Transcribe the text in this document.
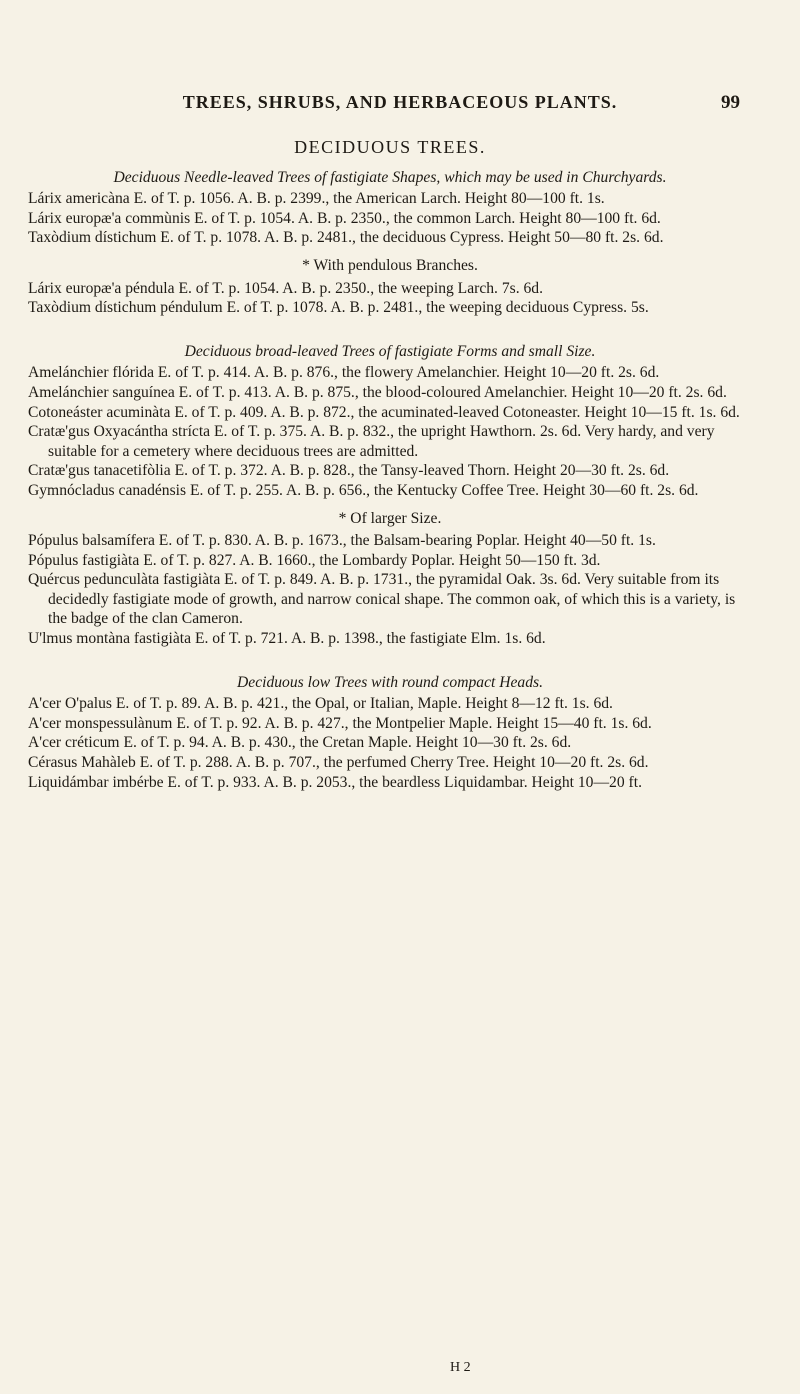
TREES, SHRUBS, AND HERBACEOUS PLANTS.	99
DECIDUOUS TREES.
Deciduous Needle-leaved Trees of fastigiate Shapes, which may be used in Churchyards.

Lárix americàna E. of T. p. 1056. A. B. p. 2399., the American Larch. Height 80—100 ft. 1s.

Lárix europæ'a commùnis E. of T. p. 1054. A. B. p. 2350., the common Larch. Height 80—100 ft. 6d.

Taxòdium dístichum E. of T. p. 1078. A. B. p. 2481., the deciduous Cypress. Height 50—80 ft. 2s. 6d.

* With pendulous Branches.

Lárix europæ'a péndula E. of T. p. 1054. A. B. p. 2350., the weeping Larch. 7s. 6d.

Taxòdium dístichum péndulum E. of T. p. 1078. A. B. p. 2481., the weeping deciduous Cypress. 5s.

Deciduous broad-leaved Trees of fastigiate Forms and small Size.

Amelánchier flórida E. of T. p. 414. A. B. p. 876., the flowery Amelanchier. Height 10—20 ft. 2s. 6d.

Amelánchier sanguínea E. of T. p. 413. A. B. p. 875., the blood-coloured Amelanchier. Height 10—20 ft. 2s. 6d.

Cotoneáster acuminàta E. of T. p. 409. A. B. p. 872., the acuminated-leaved Cotoneaster. Height 10—15 ft. 1s. 6d.

Cratæ'gus Oxyacántha strícta E. of T. p. 375. A. B. p. 832., the upright Hawthorn. 2s. 6d. Very hardy, and very suitable for a cemetery where deciduous trees are admitted.

Cratæ'gus tanacetifòlia E. of T. p. 372. A. B. p. 828., the Tansy-leaved Thorn. Height 20—30 ft. 2s. 6d.

Gymnócladus canadénsis E. of T. p. 255. A. B. p. 656., the Kentucky Coffee Tree. Height 30—60 ft. 2s. 6d.

* Of larger Size.

Pópulus balsamífera E. of T. p. 830. A. B. p. 1673., the Balsam-bearing Poplar. Height 40—50 ft. 1s.

Pópulus fastigiàta E. of T. p. 827. A. B. 1660., the Lombardy Poplar. Height 50—150 ft. 3d.

Quércus pedunculàta fastigiàta E. of T. p. 849. A. B. p. 1731., the pyramidal Oak. 3s. 6d. Very suitable from its decidedly fastigiate mode of growth, and narrow conical shape. The common oak, of which this is a variety, is the badge of the clan Cameron.

U'lmus montàna fastigiàta E. of T. p. 721. A. B. p. 1398., the fastigiate Elm. 1s. 6d.

Deciduous low Trees with round compact Heads.

A'cer O'palus E. of T. p. 89. A. B. p. 421., the Opal, or Italian, Maple. Height 8—12 ft. 1s. 6d.

A'cer monspessulànum E. of T. p. 92. A. B. p. 427., the Montpelier Maple. Height 15—40 ft. 1s. 6d.

A'cer créticum E. of T. p. 94. A. B. p. 430., the Cretan Maple. Height 10—30 ft. 2s. 6d.

Cérasus Mahàleb E. of T. p. 288. A. B. p. 707., the perfumed Cherry Tree. Height 10—20 ft. 2s. 6d.

Liquidámbar imbérbe E. of T. p. 933. A. B. p. 2053., the beardless Liquidambar. Height 10—20 ft.

H 2
